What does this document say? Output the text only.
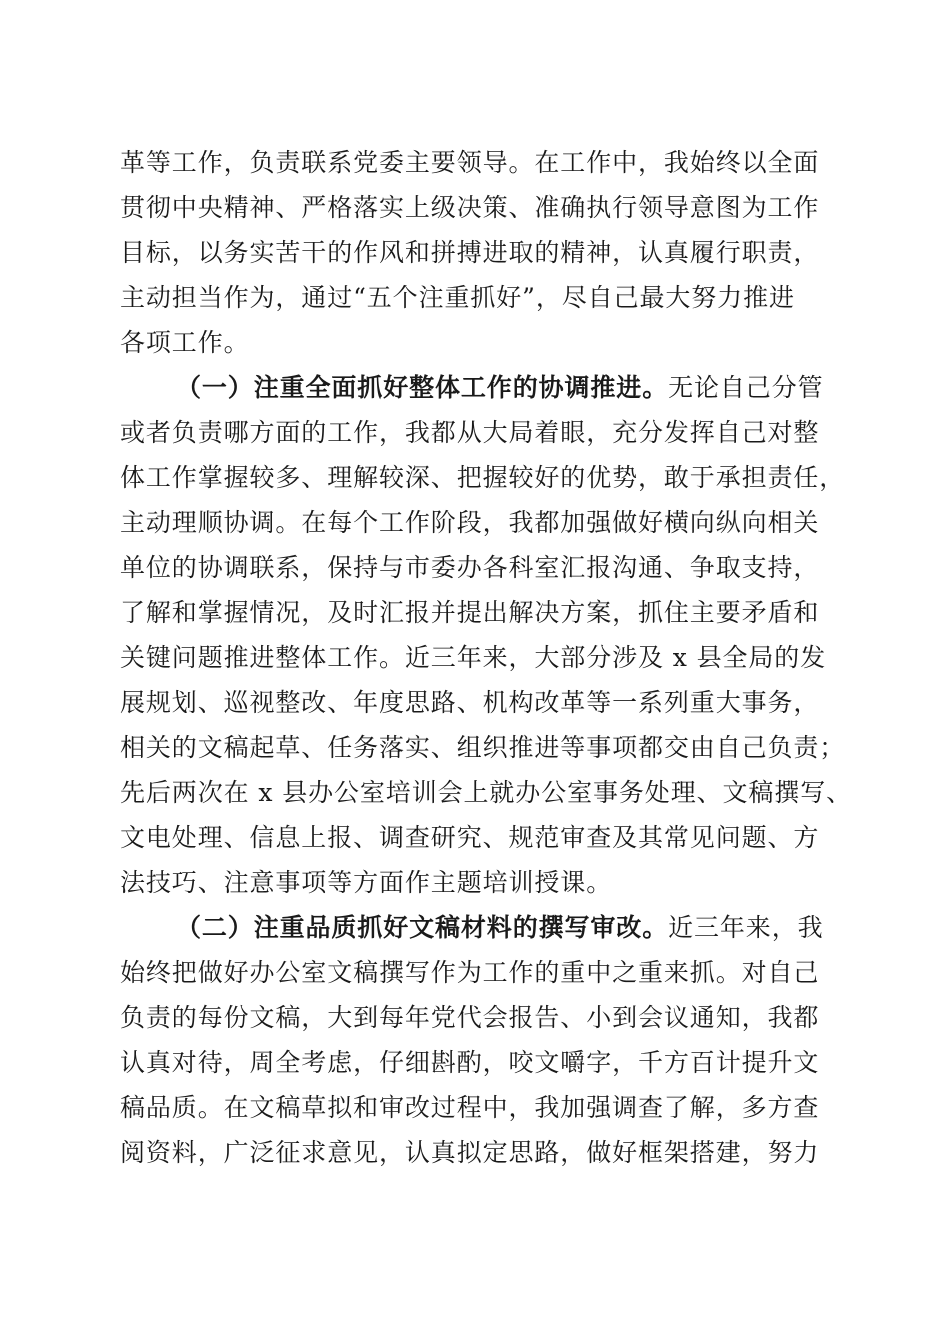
革等工作，负责联系党委主要领导。在工作中，我始终以全面
贯彻中央精神、严格落实上级决策、准确执行领导意图为工作
目标，以务实苦干的作风和拼搏进取的精神，认真履行职责，
主动担当作为，通过“五个注重抓好”，尽自己最大努力推进
各项工作。
（一）注重全面抓好整体工作的协调推进。无论自己分管
或者负责哪方面的工作，我都从大局着眼，充分发挥自己对整
体工作掌握较多、理解较深、把握较好的优势，敢于承担责任，
主动理顺协调。在每个工作阶段，我都加强做好横向纵向相关
单位的协调联系，保持与市委办各科室汇报沟通、争取支持，
了解和掌握情况，及时汇报并提出解决方案，抓住主要矛盾和
关键问题推进整体工作。近三年来，大部分涉及 x 县全局的发
展规划、巡视整改、年度思路、机构改革等一系列重大事务，
相关的文稿起草、任务落实、组织推进等事项都交由自己负责；
先后两次在 x 县办公室培训会上就办公室事务处理、文稿撰写、
文电处理、信息上报、调查研究、规范审查及其常见问题、方
法技巧、注意事项等方面作主题培训授课。
（二）注重品质抓好文稿材料的撰写审改。近三年来，我
始终把做好办公室文稿撰写作为工作的重中之重来抓。对自己
负责的每份文稿，大到每年党代会报告、小到会议通知，我都
认真对待，周全考虑，仔细斟酌，咬文嚼字，千方百计提升文
稿品质。在文稿草拟和审改过程中，我加强调查了解，多方查
阅资料，广泛征求意见，认真拟定思路，做好框架搭建，努力
